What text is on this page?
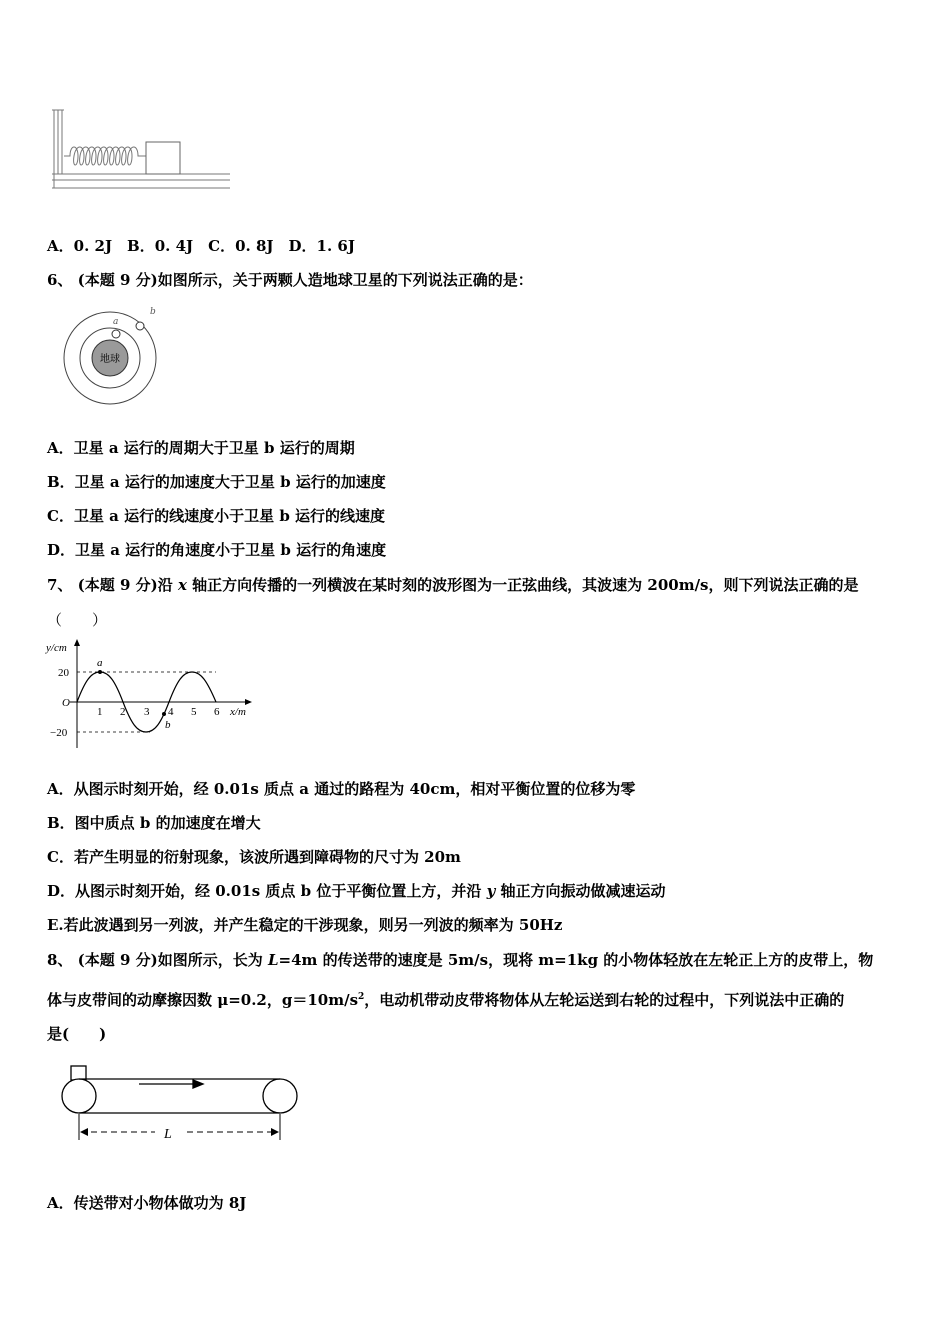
A．0. 2J　B．0. 4J　C．0. 8J　D．1. 6J
6、 (本题 9 分)如图所示，关于两颗人造地球卫星的下列说法正确的是：
地球
a
b
A．卫星 a 运行的周期大于卫星 b 运行的周期
B．卫星 a 运行的加速度大于卫星 b 运行的加速度
C．卫星 a 运行的线速度小于卫星 b 运行的线速度
D．卫星 a 运行的角速度小于卫星 b 运行的角速度
7、 (本题 9 分)沿 x 轴正方向传播的一列横波在某时刻的波形图为一正弦曲线，其波速为 200m/s，则下列说法正确的是
（　　）
y/cm
x/m
O
20
−20
1 2 3 4 5 6
a
b
A．从图示时刻开始，经 0.01s 质点 a 通过的路程为 40cm，相对平衡位置的位移为零
B．图中质点 b 的加速度在增大
C．若产生明显的衍射现象，该波所遇到障碍物的尺寸为 20m
D．从图示时刻开始，经 0.01s 质点 b 位于平衡位置上方，并沿 y 轴正方向振动做减速运动
E.若此波遇到另一列波，并产生稳定的干涉现象，则另一列波的频率为 50Hz
8、 (本题 9 分)如图所示，长为 L=4m 的传送带的速度是 5m/s，现将 m=1kg 的小物体轻放在左轮正上方的皮带上，物
体与皮带间的动摩擦因数 μ=0.2，$g=10m/s^2$，电动机带动皮带将物体从左轮运送到右轮的过程中，下列说法中正确的
是(　　)
L
A．传送带对小物体做功为 8J
